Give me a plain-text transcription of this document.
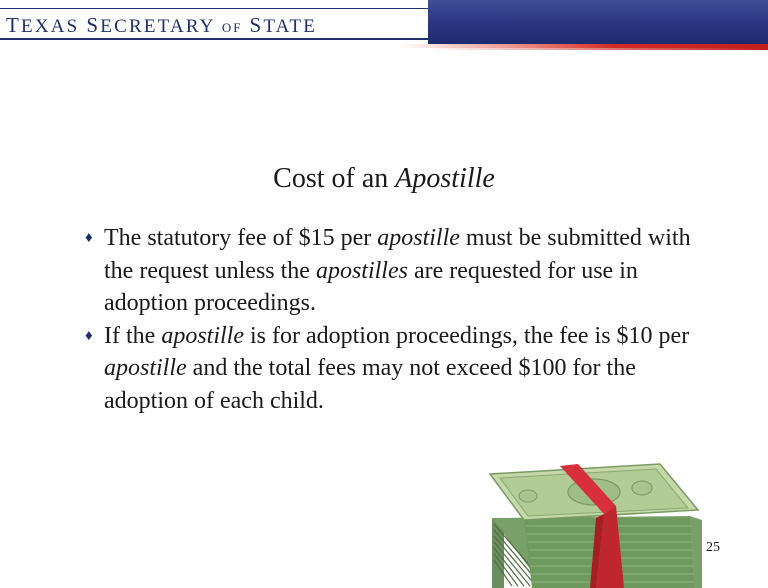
TEXAS SECRETARY OF STATE
Cost of an Apostille
♦ The statutory fee of $15 per apostille must be submitted with the request unless the apostilles are requested for use in adoption proceedings.
♦ If the apostille is for adoption proceedings, the fee is $10 per apostille and the total fees may not exceed $100 for the adoption of each child.
25
